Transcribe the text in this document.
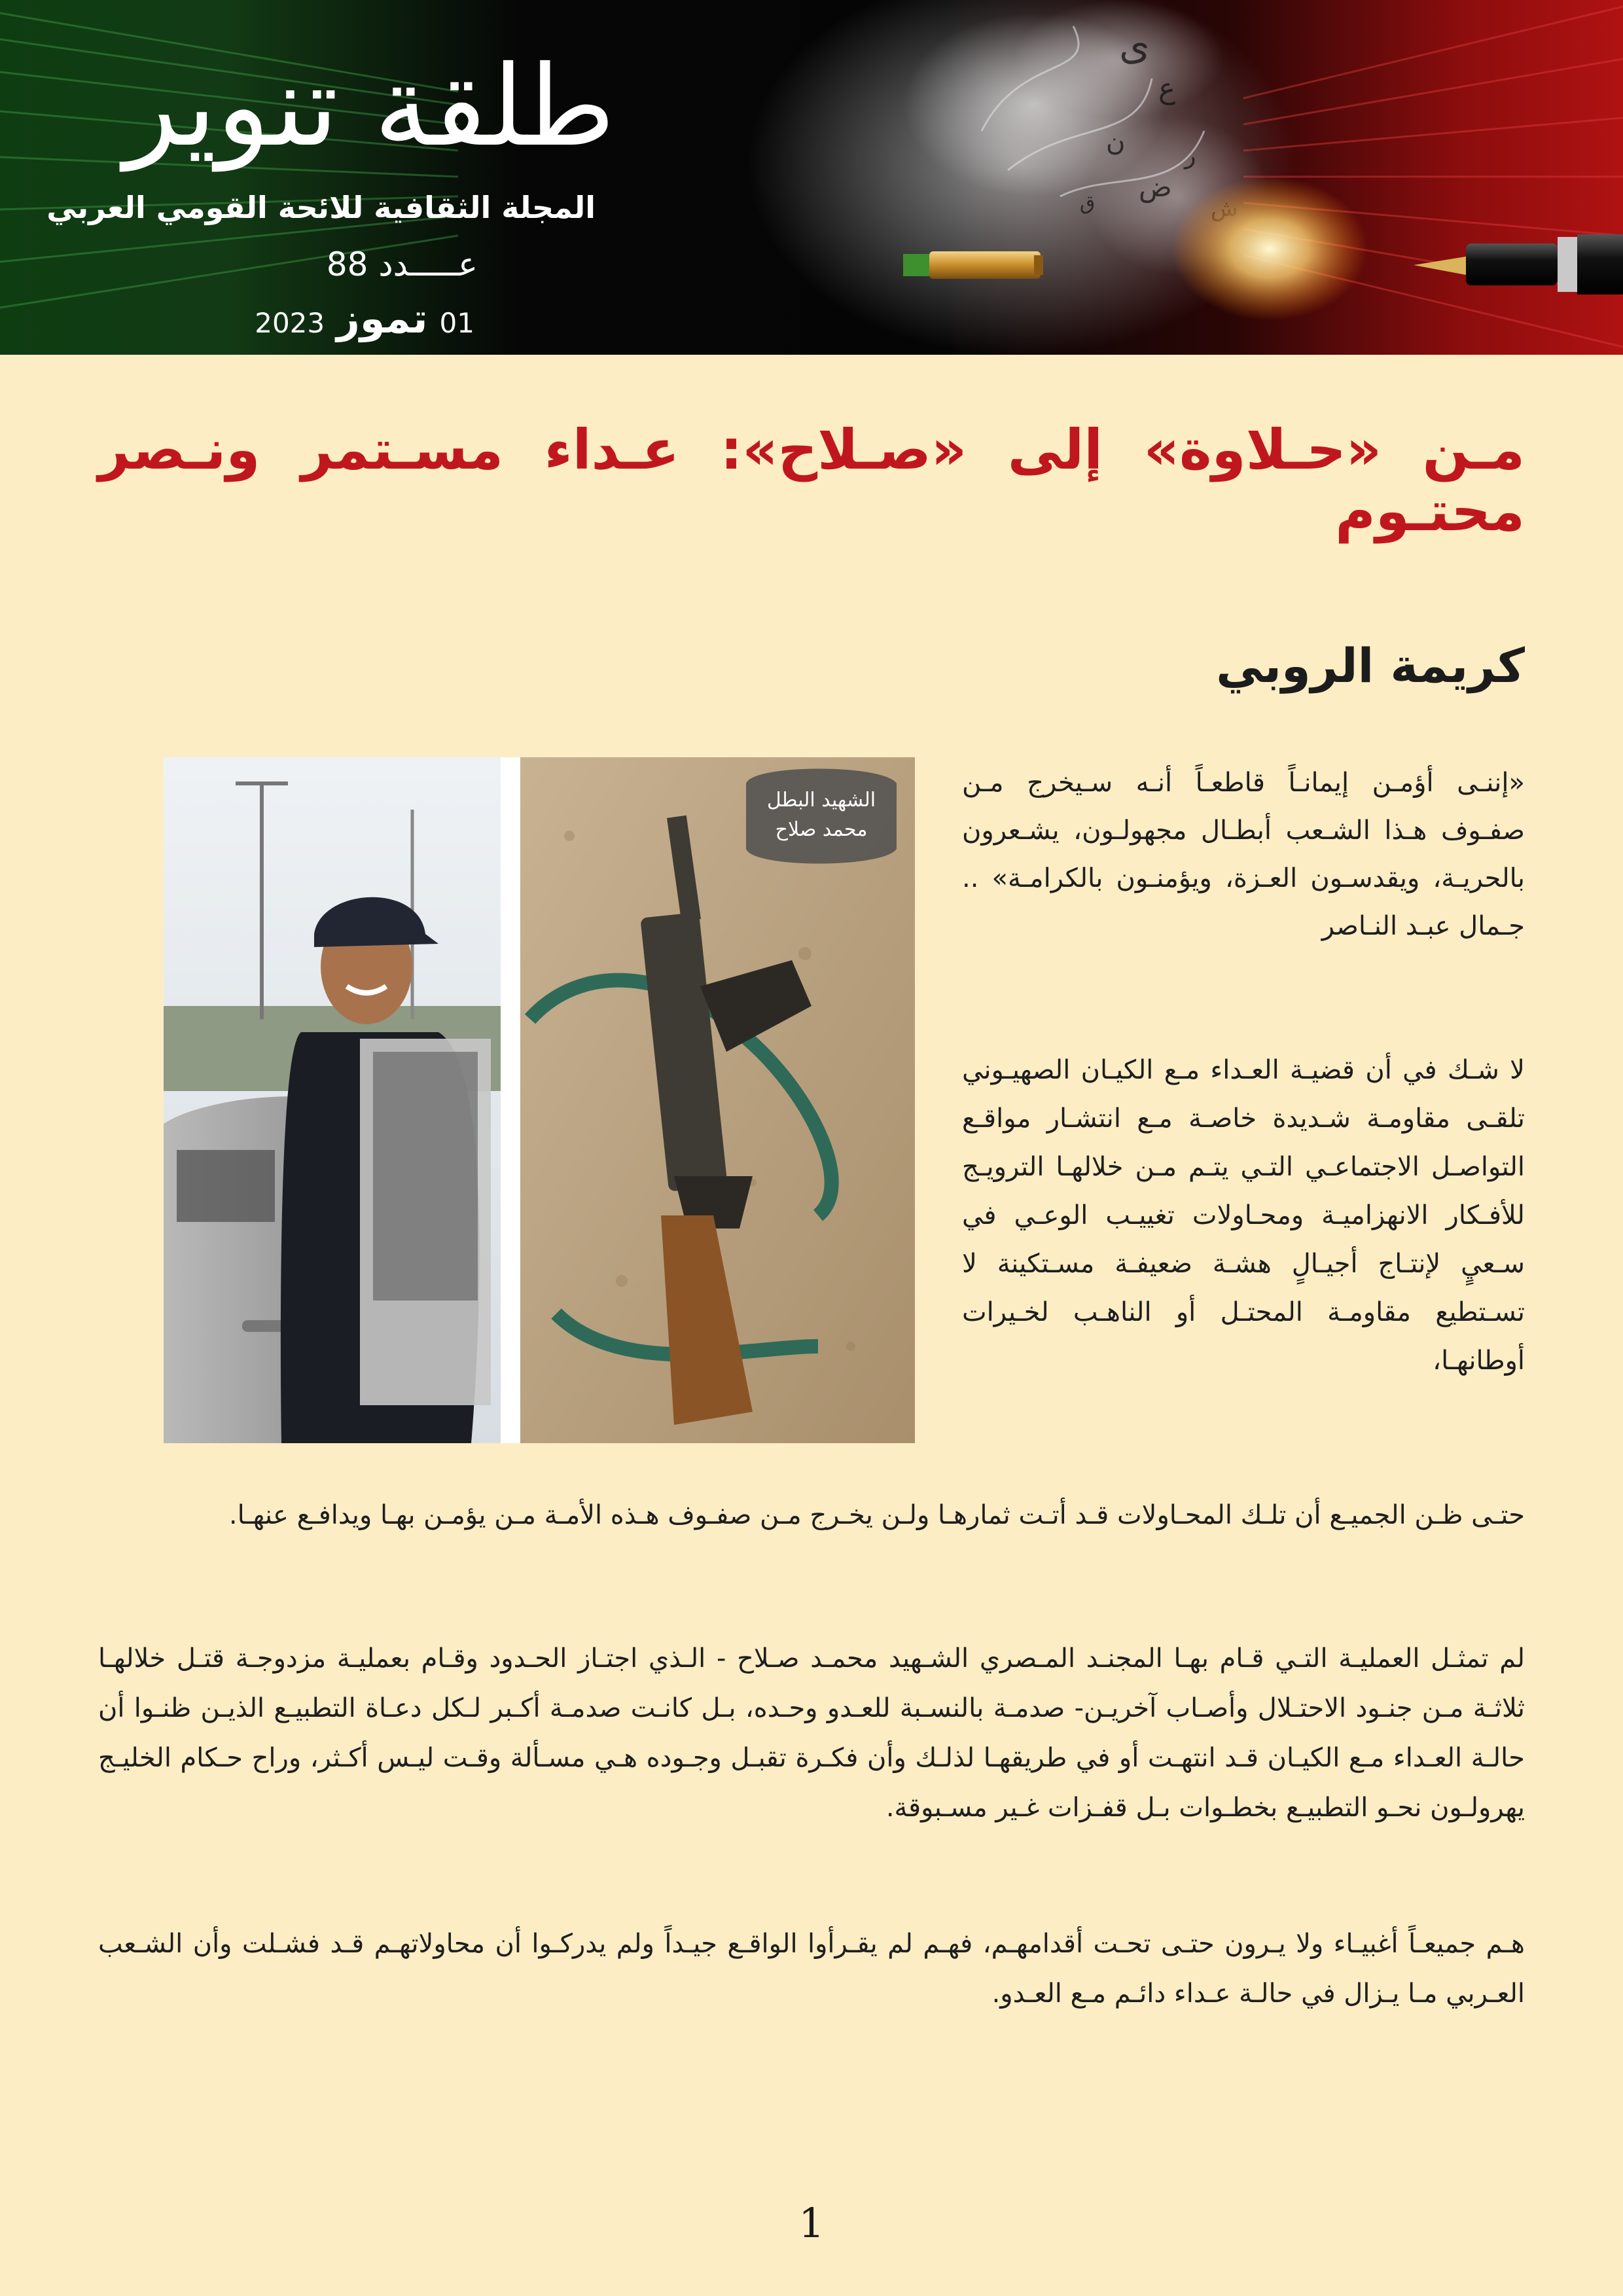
طلقة تنوير
المجلة الثقافية للائحة القومي العربي
عـــــدد 88
01تموز2023
ى
ع
ن	ر
ض
ق
مـن «حـلاوة» إلى «صـلاح»: عـداء مسـتمر ونـصر محتـوم
كريمة الروبي
الشهيد البطل
محمد صلاح

«إننـى أؤمـن إيمانـاً قاطعـاً أنـه سـيخرج مـن صفـوف هـذا الشـعب أبطـال مجهولـون، يشـعرون بالحريـة، ويقدسـون العـزة، ويؤمنـون بالكرامـة» .. جـمال عبـد النـاصر

لا شـك في أن قضيـة العـداء مـع الكيـان الصهيـوني تلقـى مقاومـة شـديدة خاصـة مـع انتشـار مواقـع التواصـل الاجتماعـي التـي يتـم مـن خلالهـا الترويـج للأفـكار الانهزاميـة ومحـاولات تغييـب الوعـي في سـعيٍ لإنتـاج أجيـالٍ هشـة ضعيفـة مسـتكينة لا تسـتطيع مقاومـة المحتـل أو الناهـب لخـيرات أوطانهـا،

حتـى ظـن الجميـع أن تلـك المحـاولات قـد أتـت ثمارهـا ولـن يخـرج مـن صفـوف هـذه الأمـة مـن يؤمـن بهـا ويدافـع عنهـا.

لم تمثـل العمليـة التـي قـام بهـا المجنـد المـصري الشـهيد محمـد صـلاح - الـذي اجتـاز الحـدود وقـام بعمليـة مزدوجـة قتـل خلالهـا ثلاثـة مـن جنـود الاحتـلال وأصـاب آخريـن- صدمـة بالنسـبة للعـدو وحـده، بـل كانـت صدمـة أكـبر لـكل دعـاة التطبيـع الذيـن ظنـوا أن حالـة العـداء مـع الكيـان قـد انتهـت أو في طريقهـا لذلـك وأن فكـرة تقبـل وجـوده هـي مسـألة وقـت ليـس أكـثر، وراح حـكام الخليـج يهرولـون نحـو التطبيـع بخطـوات بـل قفـزات غـير مسـبوقة.

هـم جميعـاً أغبيـاء ولا يـرون حتـى تحـت أقدامهـم، فهـم لم يقـرأوا الواقـع جيـداً ولم يدركـوا أن محاولاتهـم قـد فشـلت وأن الشـعب العـربي مـا يـزال في حالـة عـداء دائـم مـع العـدو.

1
